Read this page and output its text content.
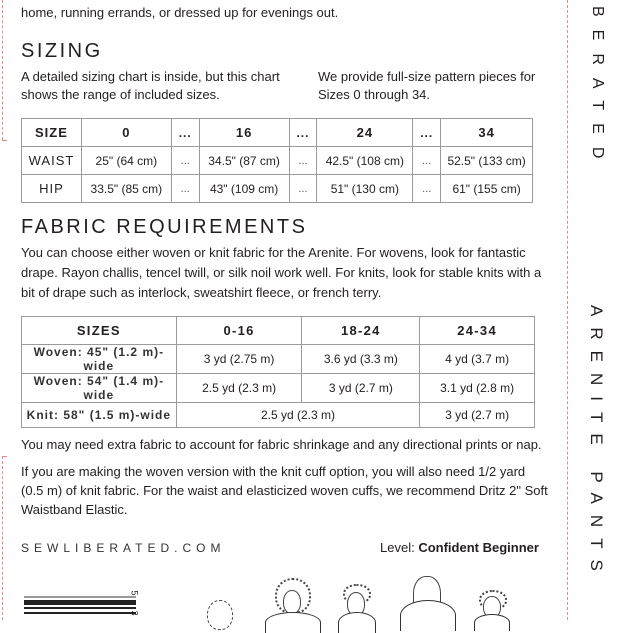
BERATED
ARENITE PANTS
home, running errands, or dressed up for evenings out.
SIZING
A detailed sizing chart is inside, but this chart shows the range of included sizes.
We provide full-size pattern pieces for Sizes 0 through 34.
SIZE	0	...	16	...	24	...	34
WAIST	25" (64 cm)	...	34.5" (87 cm)	...	42.5" (108 cm)	...	52.5" (133 cm)
HIP	33.5" (85 cm)	...	43" (109 cm)	...	51" (130 cm)	...	61" (155 cm)
FABRIC REQUIREMENTS
You can choose either woven or knit fabric for the Arenite. For wovens, look for fantastic drape. Rayon challis, tencel twill, or silk noil work well. For knits, look for stable knits with a bit of drape such as interlock, sweatshirt fleece, or french terry.
SIZES	0-16	18-24	24-34
Woven: 45" (1.2 m)-wide	3 yd (2.75 m)	3.6 yd (3.3 m)	4 yd (3.7 m)
Woven: 54" (1.4 m)-wide	2.5 yd (2.3 m)	3 yd (2.7 m)	3.1 yd (2.8 m)
Knit: 58" (1.5 m)-wide	2.5 yd (2.3 m)		3 yd (2.7 m)
You may need extra fabric to account for fabric shrinkage and any directional prints or nap.
If you are making the woven version with the knit cuff option, you will also need 1/2 yard (0.5 m) of knit fabric. For the waist and elasticized woven cuffs, we recommend Dritz 2" Soft Waistband Elastic.
SEWLIBERATED.COM	Level: Confident Beginner
5
3
